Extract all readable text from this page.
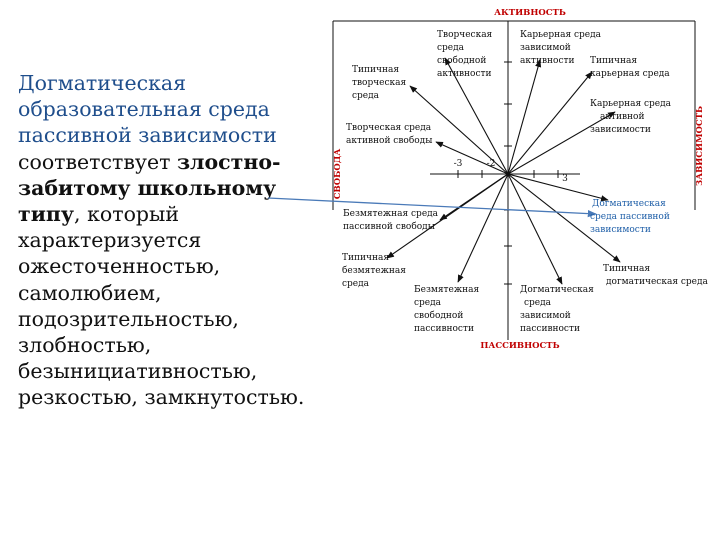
Догматическая образовательная среда пассивной зависимости соответствует злостно-забитому школьному типу, который характеризуется ожесточенностью, самолюбием, подозрительностью, злобностью, безынициативностью, резкостью, замкнутостью.
АКТИВНОСТЬ
ПАССИВНОСТЬ
СВОБОДА	ЗАВИСИМОСТЬ
-3	-2
3
Творческая среда свободной активности
Типичная творческая среда
Карьерная среда зависимой активности	Типичная карьерная среда
Карьерная среда активной зависимости
Творческая среда активной свободы
Безмятежная среда пассивной свободы
Догматическая среда пассивной зависимости
Типичная безмятежная среда
Безмятежная среда свободной пассивности
Догматическая среда зависимой пассивности
Типичная догматическая среда
